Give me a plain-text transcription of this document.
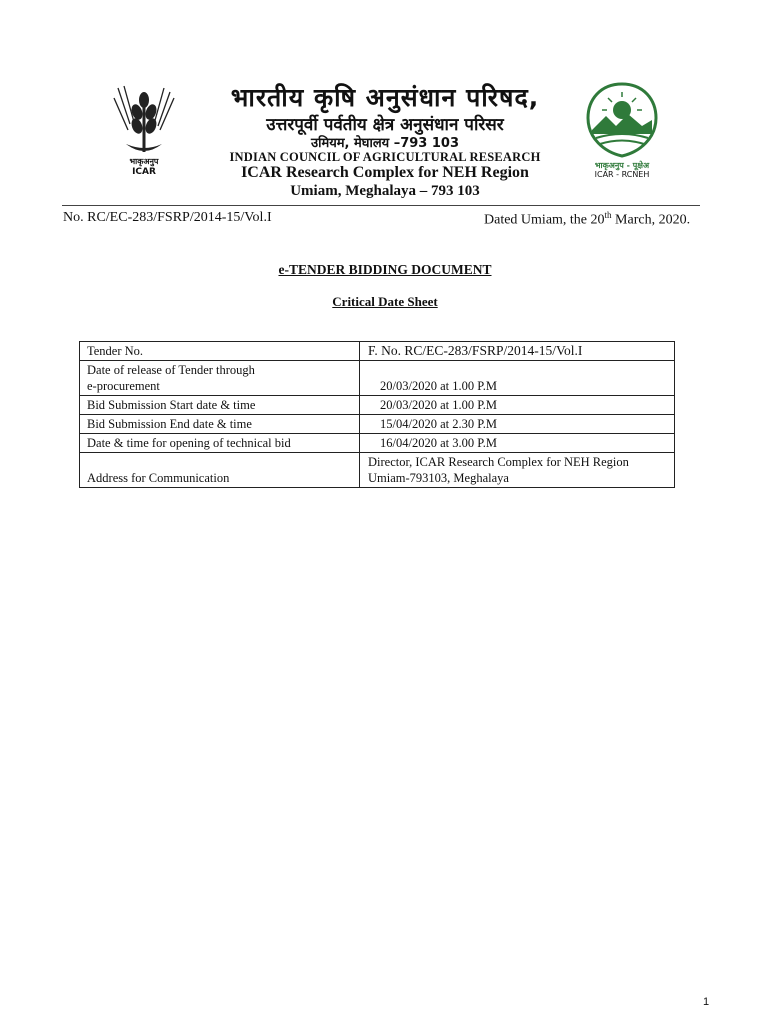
भाकृअनुप
ICAR
भाकृअनुप - पूक्षेअ
ICAR - RCNEH
भारतीय कृषि अनुसंधान परिषद,
उत्तरपूर्वी पर्वतीय क्षेत्र अनुसंधान परिसर
उमियम, मेघालय –793 103
INDIAN COUNCIL OF AGRICULTURAL RESEARCH
ICAR Research Complex for NEH Region
Umiam, Meghalaya – 793 103
No. RC/EC-283/FSRP/2014-15/Vol.I	Dated Umiam, the 20th March, 2020.
e-TENDER BIDDING DOCUMENT
Critical Date Sheet
Tender No.	F. No. RC/EC-283/FSRP/2014-15/Vol.I

Date of release of Tender through
e-procurement	20/03/2020 at 1.00 P.M
Bid Submission Start date & time	20/03/2020 at 1.00 P.M
Bid Submission End date & time	15/04/2020 at 2.30 P.M
Date & time for opening of technical bid	16/04/2020 at 3.00 P.M
Address for Communication	Director, ICAR Research Complex for NEH Region
Umiam-793103, Meghalaya
1
